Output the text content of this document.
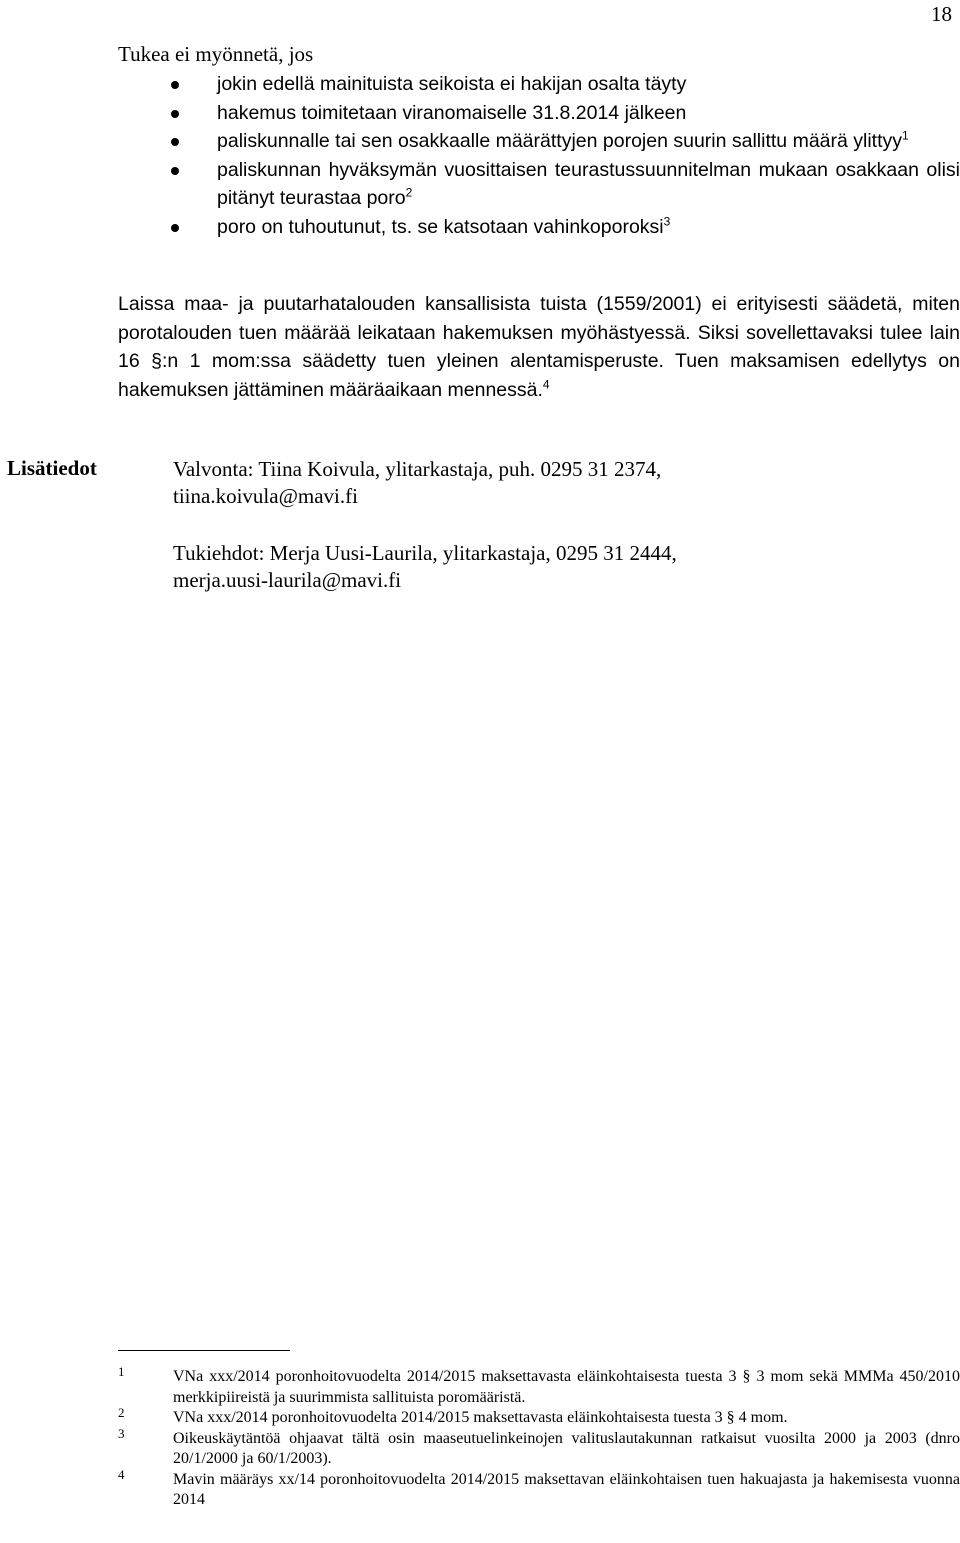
18
Tukea ei myönnetä, jos
jokin edellä mainituista seikoista ei hakijan osalta täyty
hakemus toimitetaan viranomaiselle 31.8.2014 jälkeen
paliskunnalle tai sen osakkaalle määrättyjen porojen suurin sallittu määrä ylittyy$^1$
paliskunnan hyväksymän vuosittaisen teurastussuunnitelman mukaan osakkaan olisi pitänyt teurastaa poro$^2$
poro on tuhoutunut, ts. se katsotaan vahinkoporoksi$^3$
Laissa maa- ja puutarhatalouden kansallisista tuista (1559/2001) ei erityisesti säädetä, miten porotalouden tuen määrää leikataan hakemuksen myöhästyessä. Siksi sovellettavaksi tulee lain 16 §:n 1 mom:ssa säädetty tuen yleinen alentamisperuste. Tuen maksamisen edellytys on hakemuksen jättäminen määräaikaan mennessä.$^4$
Lisätiedot	Valvonta: Tiina Koivula, ylitarkastaja, puh. 0295 31 2374,
tiina.koivula@mavi.fi
Tukiehdot: Merja Uusi-Laurila, ylitarkastaja, 0295 31 2444,
merja.uusi-laurila@mavi.fi
1	VNa xxx/2014 poronhoitovuodelta 2014/2015 maksettavasta eläinkohtaisesta tuesta 3 § 3 mom sekä MMMa 450/2010 merkkipiireistä ja suurimmista sallituista poromääristä.
2	VNa xxx/2014 poronhoitovuodelta 2014/2015 maksettavasta eläinkohtaisesta tuesta 3 § 4 mom.
3	Oikeuskäytäntöä ohjaavat tältä osin maaseutuelinkeinojen valituslautakunnan ratkaisut vuosilta 2000 ja 2003 (dnro 20/1/2000 ja 60/1/2003).
4	Mavin määräys xx/14 poronhoitovuodelta 2014/2015 maksettavan eläinkohtaisen tuen hakuajasta ja hakemisesta vuonna 2014
